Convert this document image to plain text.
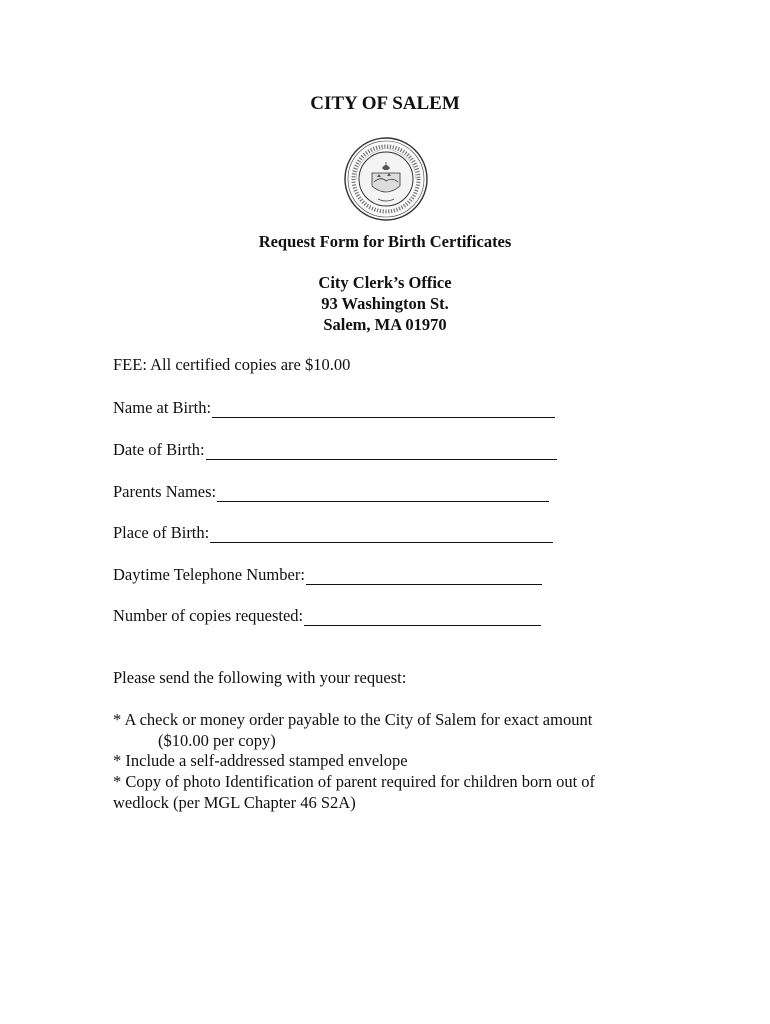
CITY OF SALEM
Request Form for Birth Certificates
City Clerk’s Office
93 Washington St.
Salem, MA 01970
FEE: All certified copies are $10.00
Name at Birth:
Date of Birth:
Parents Names:
Place of Birth:
Daytime Telephone Number:
Number of copies requested:
Please send the following with your request:
* A check or money order payable to the City of Salem for exact amount
($10.00 per copy)
* Include a self-addressed stamped envelope
* Copy of photo Identification of parent required for children born out of
wedlock (per MGL Chapter 46 S2A)
